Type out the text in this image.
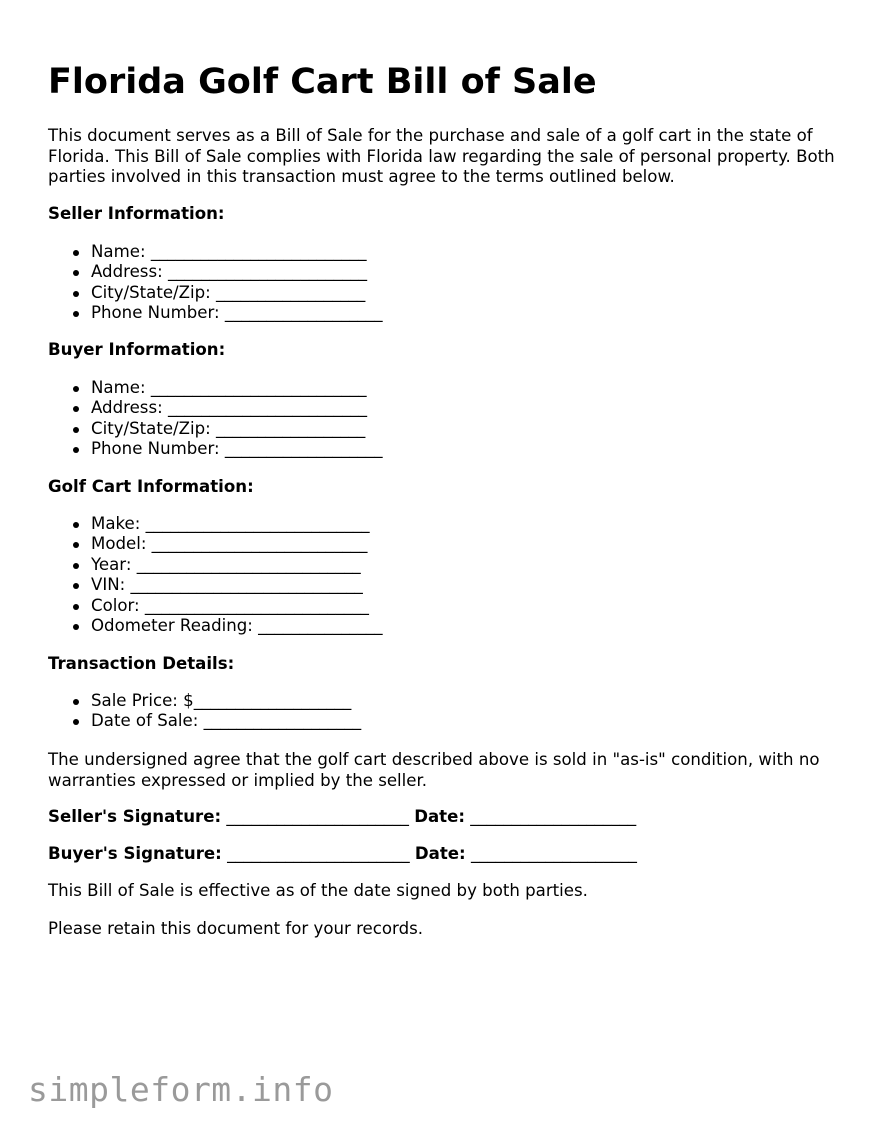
Florida Golf Cart Bill of Sale

This document serves as a Bill of Sale for the purchase and sale of a golf cart in the state of Florida. This Bill of Sale complies with Florida law regarding the sale of personal property. Both parties involved in this transaction must agree to the terms outlined below.

Seller Information:

Name: __________________________
Address: ________________________
City/State/Zip: __________________
Phone Number: ___________________

Buyer Information:

Name: __________________________
Address: ________________________
City/State/Zip: __________________
Phone Number: ___________________

Golf Cart Information:

Make: ___________________________
Model: __________________________
Year: ___________________________
VIN: ____________________________
Color: ___________________________
Odometer Reading: _______________

Transaction Details:

Sale Price: $___________________
Date of Sale: ___________________

The undersigned agree that the golf cart described above is sold in "as-is" condition, with no warranties expressed or implied by the seller.

Seller's Signature: ______________________ Date: ____________________

Buyer's Signature: ______________________ Date: ____________________

This Bill of Sale is effective as of the date signed by both parties.

Please retain this document for your records.

simpleform.info
